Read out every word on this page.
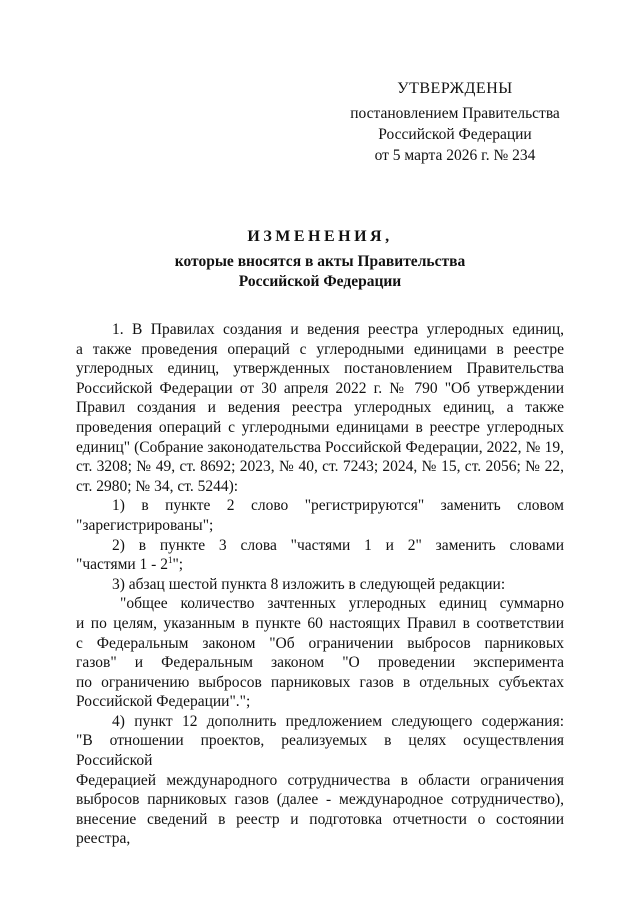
УТВЕРЖДЕНЫ
постановлением Правительства
Российской Федерации
от 5 марта 2026 г. № 234
ИЗМЕНЕНИЯ,
которые вносятся в акты Правительства
Российской Федерации

1. В Правилах создания и ведения реестра углеродных единиц,

а также проведения операций с углеродными единицами в реестре

углеродных единиц, утвержденных постановлением Правительства

Российской Федерации от 30 апреля 2022 г. № 790 "Об утверждении

Правил создания и ведения реестра углеродных единиц, а также

проведения операций с углеродными единицами в реестре углеродных

единиц" (Собрание законодательства Российской Федерации, 2022, № 19,

ст. 3208; № 49, ст. 8692; 2023, № 40, ст. 7243; 2024, № 15, ст. 2056; № 22,

ст. 2980; № 34, ст. 5244):

1) в пункте 2 слово "регистрируются" заменить словом

"зарегистрированы";

2) в пункте 3 слова "частями 1 и 2" заменить словами

"частями $1 - 2^1$";

3) абзац шестой пункта 8 изложить в следующей редакции:

"общее количество зачтенных углеродных единиц суммарно

и по целям, указанным в пункте 60 настоящих Правил в соответствии

с Федеральным законом "Об ограничении выбросов парниковых

газов" и Федеральным законом "О проведении эксперимента

по ограничению выбросов парниковых газов в отдельных субъектах

Российской Федерации".";

4) пункт 12 дополнить предложением следующего содержания:

"В отношении проектов, реализуемых в целях осуществления Российской

Федерацией международного сотрудничества в области ограничения

выбросов парниковых газов (далее - международное сотрудничество),

внесение сведений в реестр и подготовка отчетности о состоянии реестра,
